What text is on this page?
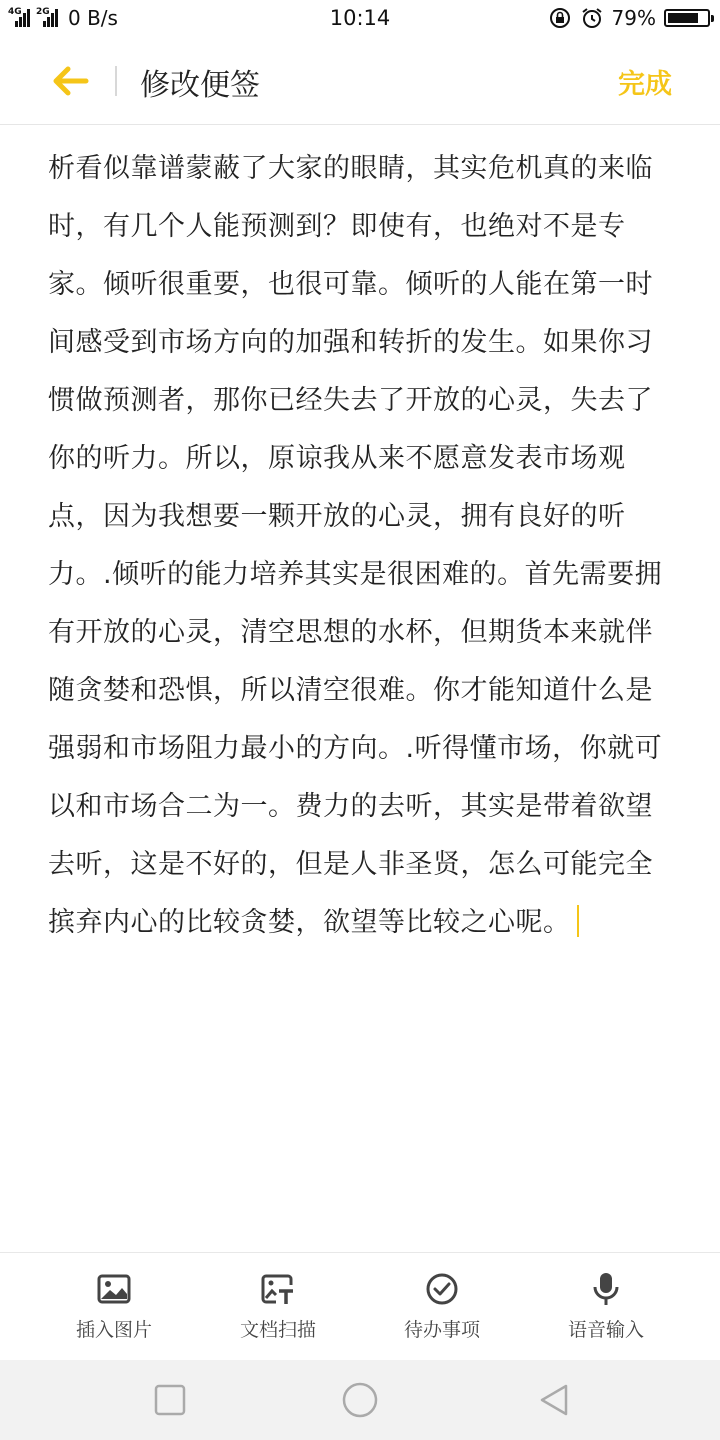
4G 2G 0 B/s	10:14	79%
修改便签	完成

析看似靠谱蒙蔽了大家的眼睛，其实危机真的来临时，有几个人能预测到？即使有，也绝对不是专家。倾听很重要，也很可靠。倾听的人能在第一时间感受到市场方向的加强和转折的发生。如果你习惯做预测者，那你已经失去了开放的心灵，失去了你的听力。所以，原谅我从来不愿意发表市场观点，因为我想要一颗开放的心灵，拥有良好的听力。.倾听的能力培养其实是很困难的。首先需要拥有开放的心灵，清空思想的水杯，但期货本来就伴随贪婪和恐惧，所以清空很难。你才能知道什么是强弱和市场阻力最小的方向。.听得懂市场，你就可以和市场合二为一。费力的去听，其实是带着欲望去听，这是不好的，但是人非圣贤，怎么可能完全摈弃内心的比较贪婪，欲望等比较之心呢。

插入图片	文档扫描	待办事项	语音输入
